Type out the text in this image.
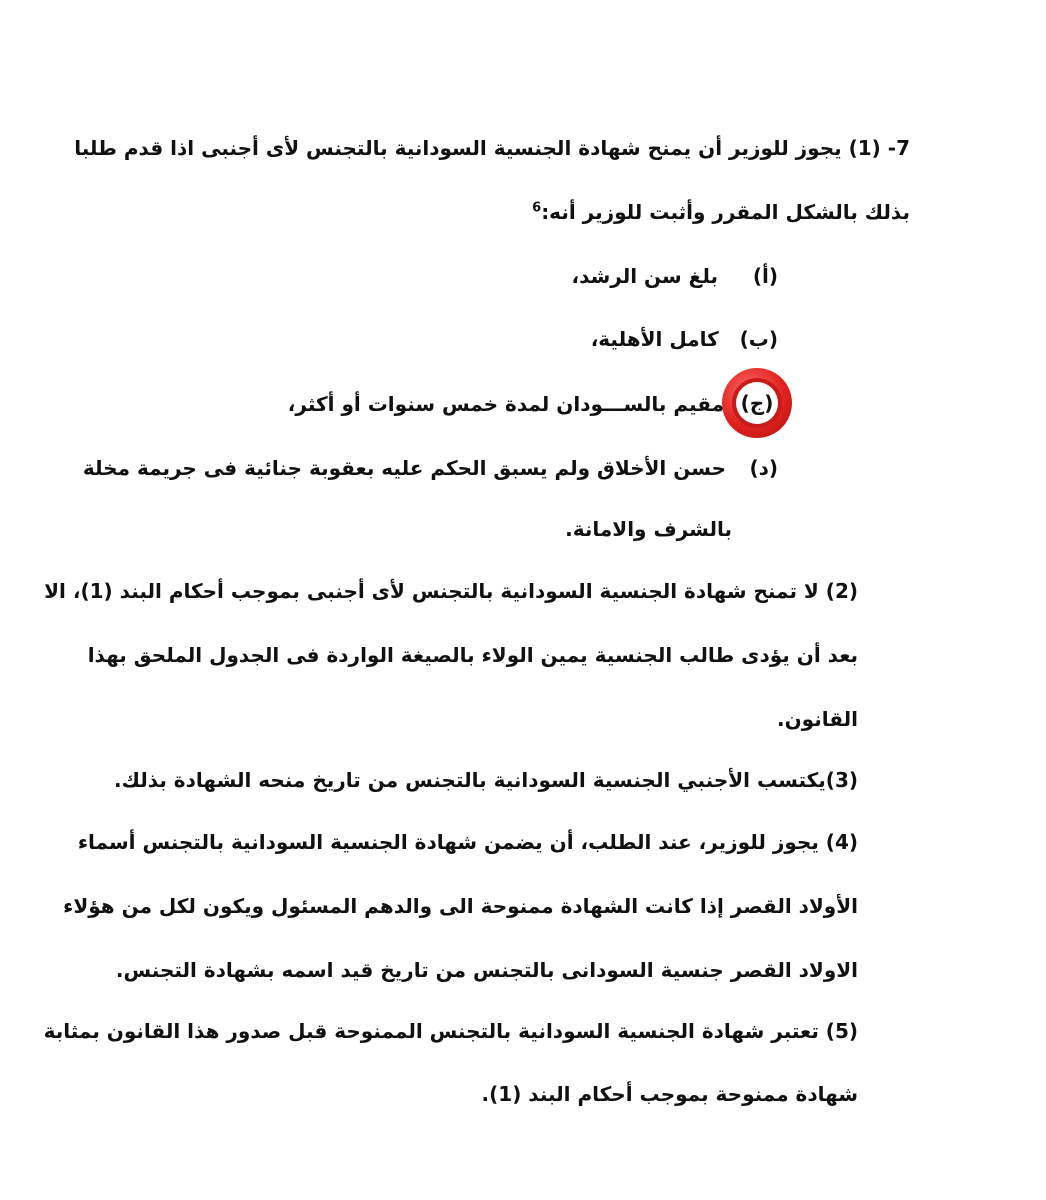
7- (1) يجوز للوزير أن يمنح شهادة الجنسية السودانية بالتجنس لأى أجنبى اذا قدم طلبا
بذلك بالشكل المقرر وأثبت للوزير أنه:$^6$
(أ)     بلغ سن الرشد،
(ب)   كامل الأهلية،
(ج)
مقيم بالســـودان لمدة خمس سنوات أو أكثر،
(د)
حسن الأخلاق ولم يسبق الحكم عليه بعقوبة جنائية فى جريمة مخلة
بالشرف والامانة.
(2) لا تمنح شهادة الجنسية السودانية بالتجنس لأى أجنبى بموجب أحكام البند (1)، الا
بعد أن يؤدى طالب الجنسية يمين الولاء بالصيغة الواردة فى الجدول الملحق بهذا
القانون.
(3)يكتسب الأجنبي الجنسية السودانية بالتجنس من تاريخ منحه الشهادة بذلك.
(4) يجوز للوزير، عند الطلب، أن يضمن شهادة الجنسية السودانية بالتجنس أسماء
الأولاد القصر إذا كانت الشهادة ممنوحة الى والدهم المسئول ويكون لكل من هؤلاء
الاولاد القصر جنسية السودانى بالتجنس من تاريخ قيد اسمه بشهادة التجنس.
(5) تعتبر شهادة الجنسية السودانية بالتجنس الممنوحة قبل صدور هذا القانون بمثابة
شهادة ممنوحة بموجب أحكام البند (1).
